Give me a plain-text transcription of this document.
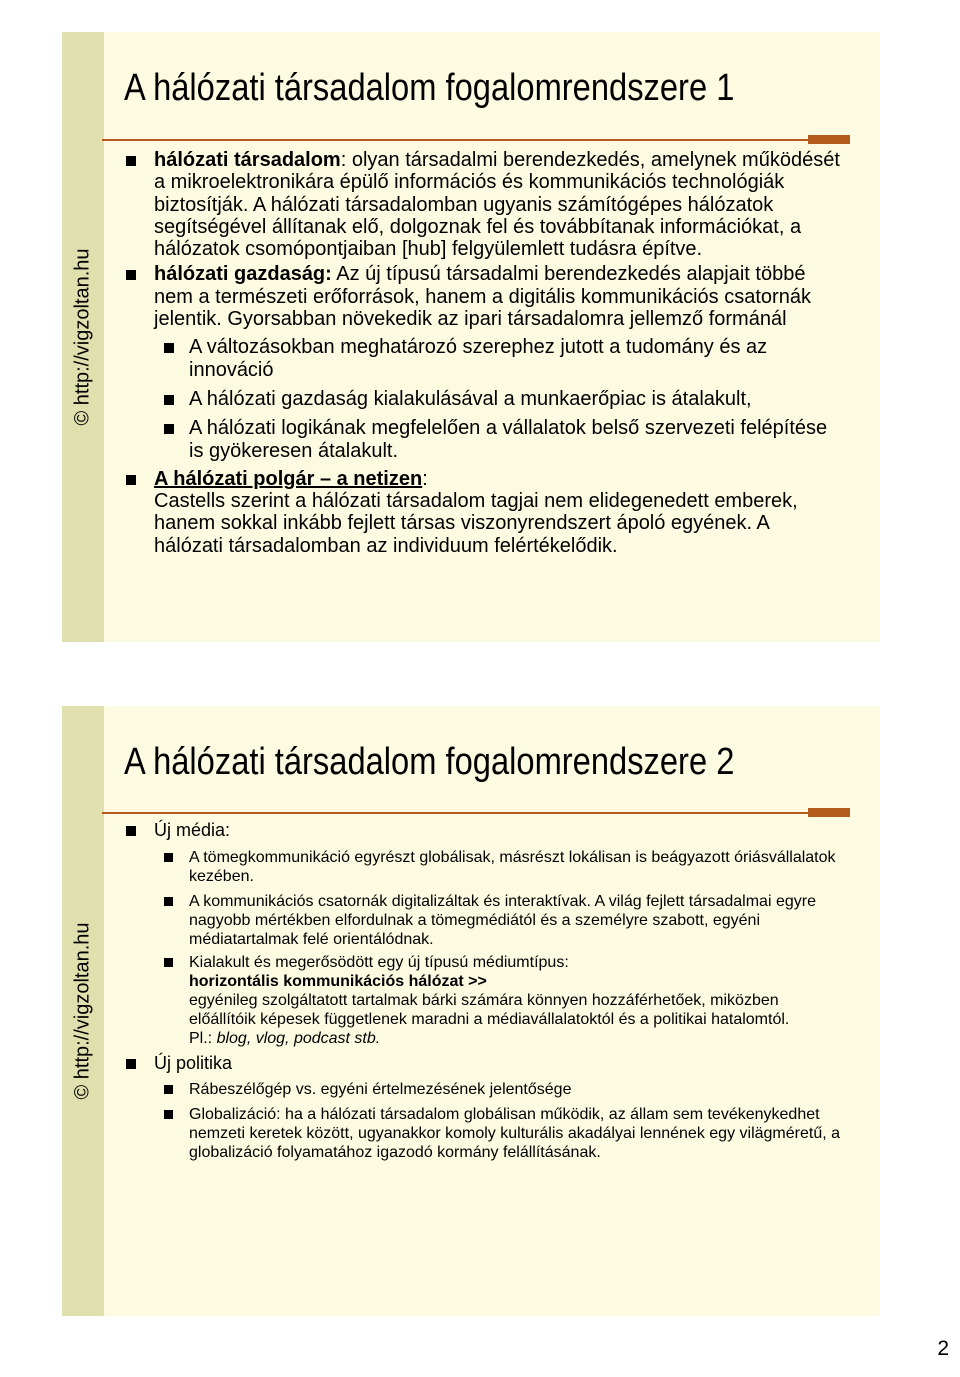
© http://vigzoltan.hu
A hálózati társadalom fogalomrendszere 1

hálózati társadalom: olyan társadalmi berendezkedés, amelynek működését a mikroelektronikára épülő információs és kommunikációs technológiák biztosítják. A hálózati társadalomban ugyanis számítógépes hálózatok segítségével állítanak elő, dolgoznak fel és továbbítanak információkat, a hálózatok csomópontjaiban [hub] felgyülemlett tudásra építve.

hálózati gazdaság: Az új típusú társadalmi berendezkedés alapjait többé nem a természeti erőforrások, hanem a digitális kommunikációs csatornák jelentik. Gyorsabban növekedik az ipari társadalomra jellemző formánál

A változásokban meghatározó szerephez jutott a tudomány és az innováció

A hálózati gazdaság kialakulásával a munkaerőpiac is átalakult,

A hálózati logikának megfelelően a vállalatok belső szervezeti felépítése is gyökeresen átalakult.

A hálózati polgár – a netizen:
Castells szerint a hálózati társadalom tagjai nem elidegenedett emberek, hanem sokkal inkább fejlett társas viszonyrendszert ápoló egyének. A hálózati társadalomban az individuum felértékelődik.

© http://vigzoltan.hu
A hálózati társadalom fogalomrendszere 2

Új média:

A tömegkommunikáció egyrészt globálisak, másrészt lokálisan is beágyazott óriásvállalatok kezében.

A kommunikációs csatornák digitalizáltak és interaktívak. A világ fejlett társadalmai egyre nagyobb mértékben elfordulnak a tömegmédiától és a személyre szabott, egyéni médiatartalmak felé orientálódnak.

Kialakult és megerősödött egy új típusú médiumtípus:
horizontális kommunikációs hálózat >>
egyénileg szolgáltatott tartalmak bárki számára könnyen hozzáférhetőek, miközben előállítóik képesek függetlenek maradni a médiavállalatoktól és a politikai hatalomtól.
Pl.: blog, vlog, podcast stb.

Új politika

Rábeszélőgép vs. egyéni értelmezésének jelentősége

Globalizáció: ha a hálózati társadalom globálisan működik, az állam sem tevékenykedhet nemzeti keretek között, ugyanakkor komoly kulturális akadályai lennének egy vilägméretű, a globalizáció folyamatához igazodó kormány felállításának.

2
